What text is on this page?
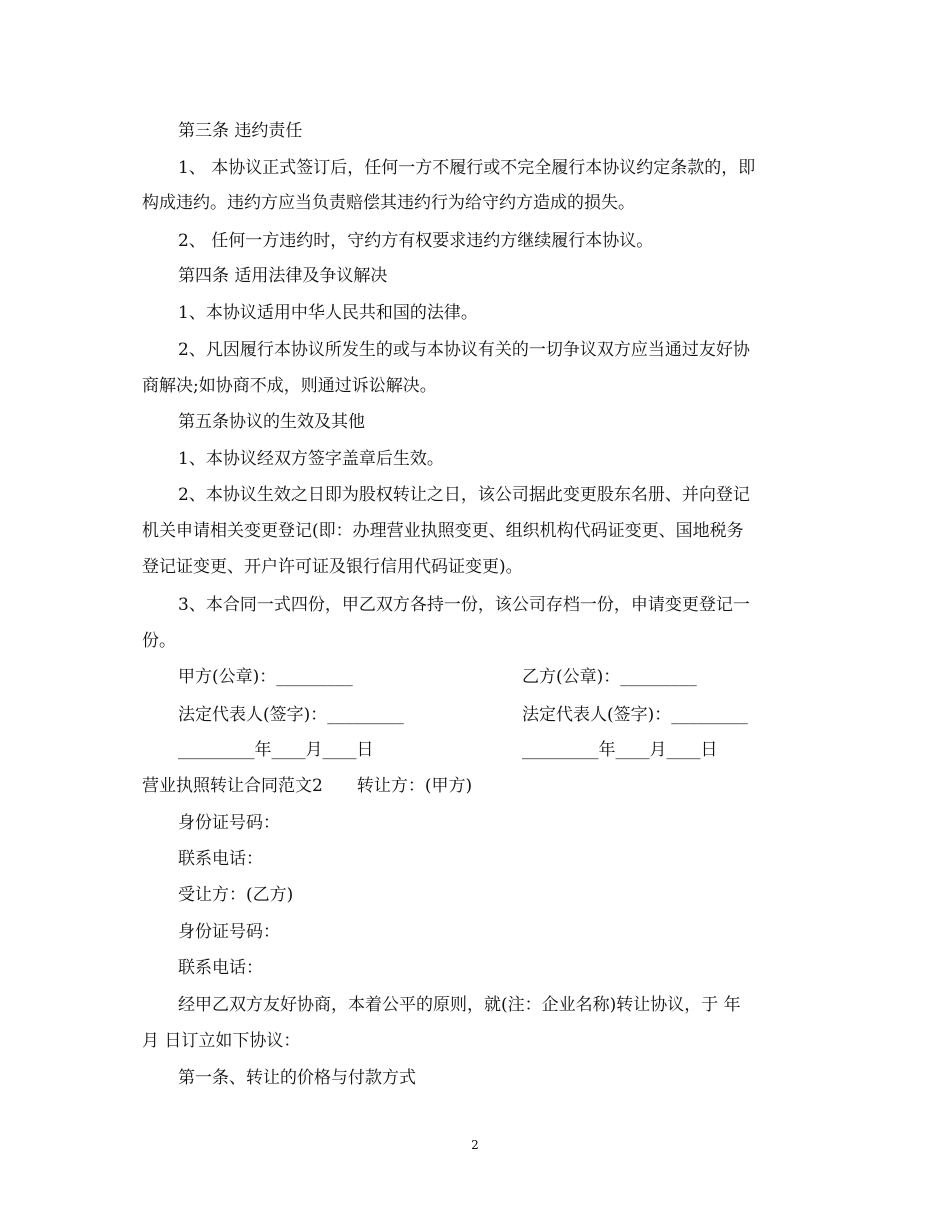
第三条 违约责任
1、 本协议正式签订后，任何一方不履行或不完全履行本协议约定条款的，即
构成违约。违约方应当负责赔偿其违约行为给守约方造成的损失。
2、 任何一方违约时，守约方有权要求违约方继续履行本协议。
第四条 适用法律及争议解决
1、本协议适用中华人民共和国的法律。
2、凡因履行本协议所发生的或与本协议有关的一切争议双方应当通过友好协
商解决;如协商不成，则通过诉讼解决。
第五条协议的生效及其他
1、本协议经双方签字盖章后生效。
2、本协议生效之日即为股权转让之日，该公司据此变更股东名册、并向登记
机关申请相关变更登记(即：办理营业执照变更、组织机构代码证变更、国地税务
登记证变更、开户许可证及银行信用代码证变更)。
3、本合同一式四份，甲乙双方各持一份，该公司存档一份，申请变更登记一
份。
甲方(公章)：_________	乙方(公章)：_________
法定代表人(签字)：_________	法定代表人(签字)：_________
_________年____月____日	_________年____月____日
营业执照转让合同范文2　　转让方：(甲方)
身份证号码：
联系电话：
受让方：(乙方)
身份证号码：
联系电话：
经甲乙双方友好协商，本着公平的原则，就(注：企业名称)转让协议，于 年
月 日订立如下协议：
第一条、转让的价格与付款方式
2
